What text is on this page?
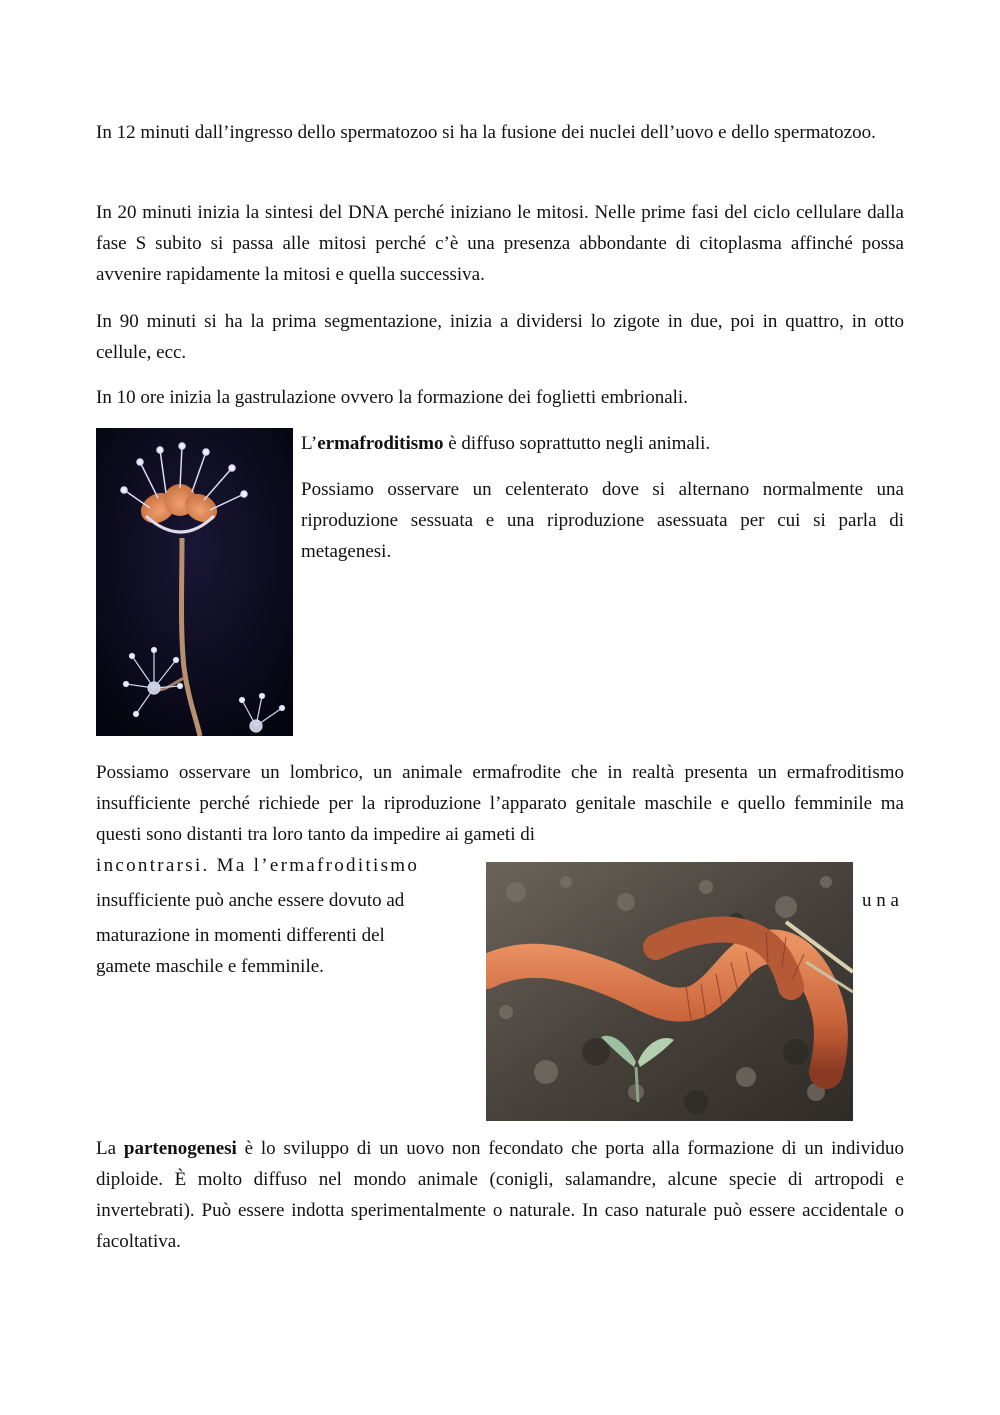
In 12 minuti dall’ingresso dello spermatozoo si ha la fusione dei nuclei dell’uovo e dello spermatozoo.

In 20 minuti inizia la sintesi del DNA perché iniziano le mitosi. Nelle prime fasi del ciclo cellulare dalla fase S subito si passa alle mitosi perché c’è una presenza abbondante di citoplasma affinché possa avvenire rapidamente la mitosi e quella successiva.

In 90 minuti si ha la prima segmentazione, inizia a dividersi lo zigote in due, poi in quattro, in otto cellule, ecc.

In 10 ore inizia la gastrulazione ovvero la formazione dei foglietti embrionali.

L’ermafroditismo è diffuso soprattutto negli animali.

Possiamo osservare un celenterato dove si alternano normalmente una riproduzione sessuata e una riproduzione asessuata per cui si parla di metagenesi.

Possiamo osservare un lombrico, un animale ermafrodite che in realtà presenta un ermafroditismo insufficiente perché richiede per la riproduzione l’apparato genitale maschile e quello femminile ma questi sono distanti tra loro tanto da impedire ai gameti di

incontrarsi. Ma l’ermafroditismo

insufficiente può anche essere dovuto ad	u n a

maturazione in momenti differenti del

gamete maschile e femminile.

La partenogenesi è lo sviluppo di un uovo non fecondato che porta alla formazione di un individuo diploide. È molto diffuso nel mondo animale (conigli, salamandre, alcune specie di artropodi e invertebrati). Può essere indotta sperimentalmente o naturale. In caso naturale può essere accidentale o facoltativa.
